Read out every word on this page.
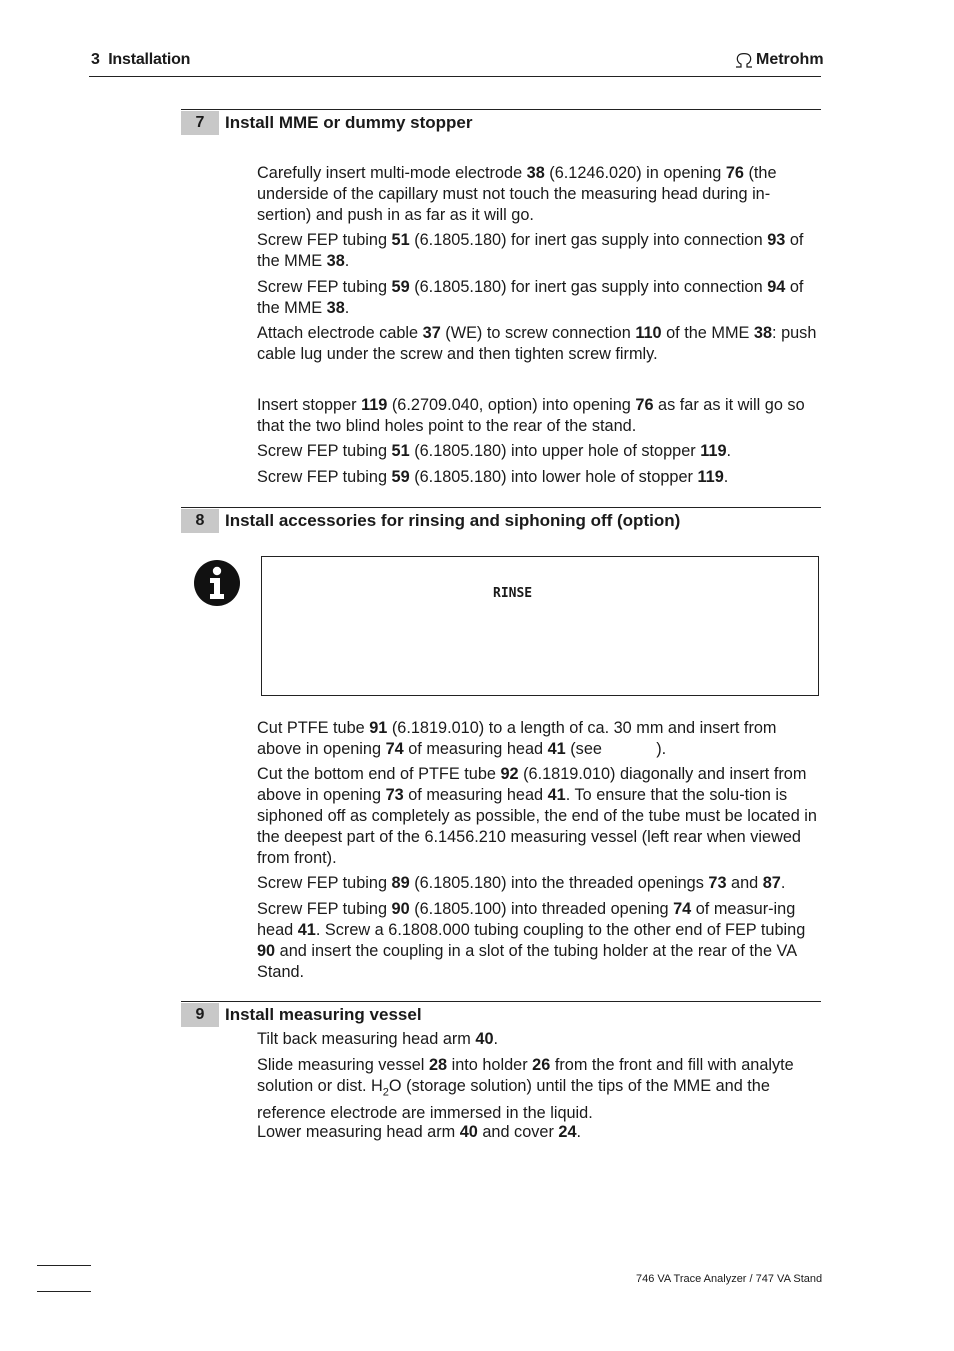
3  Installation	Metrohm
7	Install MME or dummy stopper
Carefully insert multi-mode electrode 38 (6.1246.020) in opening 76 (the underside of the capillary must not touch the measuring head during in-sertion) and push in as far as it will go.
Screw FEP tubing 51 (6.1805.180) for inert gas supply into connection 93 of the MME 38.
Screw FEP tubing 59 (6.1805.180) for inert gas supply into connection 94 of the MME 38.
Attach electrode cable 37 (WE) to screw connection 110 of the MME 38: push cable lug under the screw and then tighten screw firmly.
Insert stopper 119 (6.2709.040, option) into opening 76 as far as it will go so that the two blind holes point to the rear of the stand.
Screw FEP tubing 51 (6.1805.180) into upper hole of stopper 119.
Screw FEP tubing 59 (6.1805.180) into lower hole of stopper 119.
8	Install accessories for rinsing and siphoning off (option)
RINSE
Cut PTFE tube 91 (6.1819.010) to a length of ca. 30 mm and insert from above in opening 74 of measuring head 41 (see            ).
Cut the bottom end of PTFE tube 92 (6.1819.010) diagonally and insert from above in opening 73 of measuring head 41. To ensure that the solu-tion is siphoned off as completely as possible, the end of the tube must be located in the deepest part of the 6.1456.210 measuring vessel (left rear when viewed from front).
Screw FEP tubing 89 (6.1805.180) into the threaded openings 73 and 87.
Screw FEP tubing 90 (6.1805.100) into threaded opening 74 of measur-ing head 41. Screw a 6.1808.000 tubing coupling to the other end of FEP tubing 90 and insert the coupling in a slot of the tubing holder at the rear of the VA Stand.
9	Install measuring vessel
Tilt back measuring head arm 40.
Slide measuring vessel 28 into holder 26 from the front and fill with analyte solution or dist. $H_2O$ (storage solution) until the tips of the MME and the reference electrode are immersed in the liquid.
Lower measuring head arm 40 and cover 24.
746 VA Trace Analyzer / 747 VA Stand
